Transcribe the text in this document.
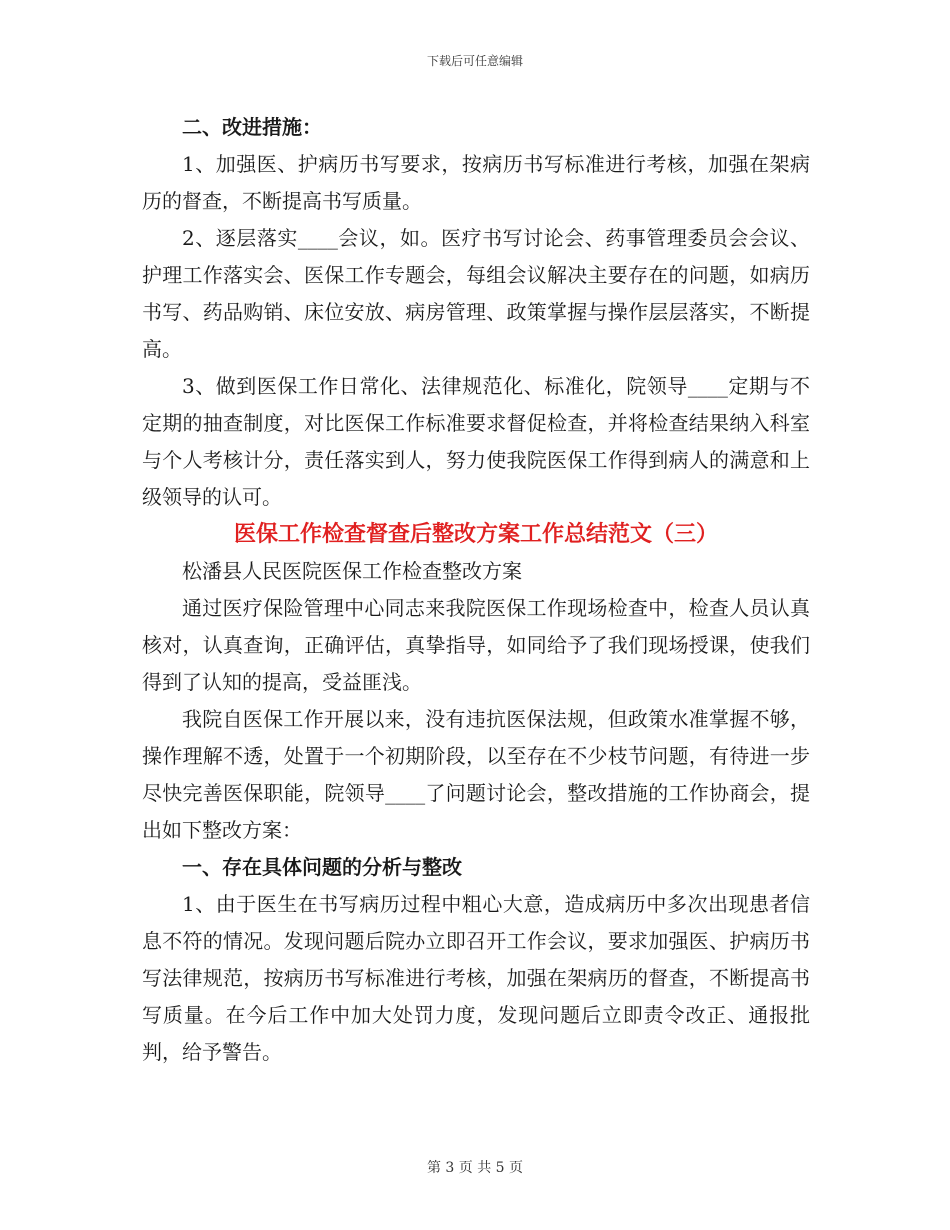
下载后可任意编辑

二、改进措施：

1、加强医、护病历书写要求，按病历书写标准进行考核，加强在架病历的督查，不断提高书写质量。

2、逐层落实____会议，如。医疗书写讨论会、药事管理委员会会议、护理工作落实会、医保工作专题会，每组会议解决主要存在的问题，如病历书写、药品购销、床位安放、病房管理、政策掌握与操作层层落实，不断提高。

3、做到医保工作日常化、法律规范化、标准化，院领导____定期与不定期的抽查制度，对比医保工作标准要求督促检查，并将检查结果纳入科室与个人考核计分，责任落实到人，努力使我院医保工作得到病人的满意和上级领导的认可。

医保工作检查督查后整改方案工作总结范文（三）

松潘县人民医院医保工作检查整改方案

通过医疗保险管理中心同志来我院医保工作现场检查中，检查人员认真核对，认真查询，正确评估，真挚指导，如同给予了我们现场授课，使我们得到了认知的提高，受益匪浅。

我院自医保工作开展以来，没有违抗医保法规，但政策水准掌握不够，操作理解不透，处置于一个初期阶段，以至存在不少枝节问题，有待进一步尽快完善医保职能，院领导____了问题讨论会，整改措施的工作协商会，提出如下整改方案：

一、存在具体问题的分析与整改

1、由于医生在书写病历过程中粗心大意，造成病历中多次出现患者信息不符的情况。发现问题后院办立即召开工作会议，要求加强医、护病历书写法律规范，按病历书写标准进行考核，加强在架病历的督查，不断提高书写质量。在今后工作中加大处罚力度，发现问题后立即责令改正、通报批判，给予警告。

第 3 页 共 5 页
